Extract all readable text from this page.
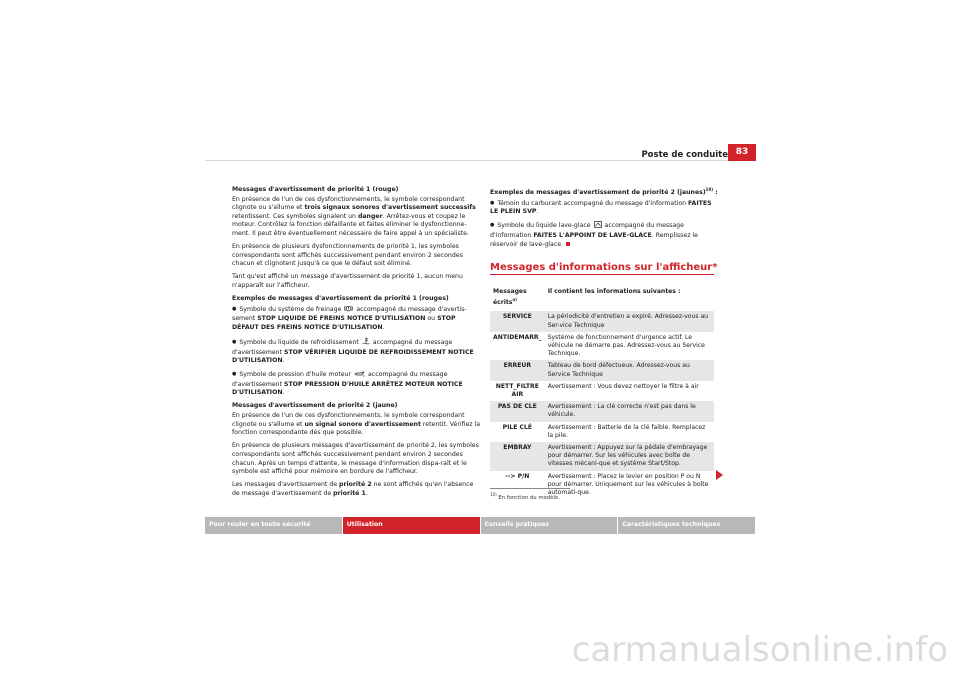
Poste de conduite 83

Messages d'avertissement de priorité 1 (rouge)

En présence de l'un de ces dysfonctionnements, le symbole correspondant clignote ou s'allume et trois signaux sonores d'avertissement successifs retentissent. Ces symboles signalent un danger. Arrêtez-vous et coupez le moteur. Contrôlez la fonction défaillante et faites éliminer le dysfonctionne-ment. Il peut être éventuellement nécessaire de faire appel à un spécialiste.

En présence de plusieurs dysfonctionnements de priorité 1, les symboles correspondants sont affichés successivement pendant environ 2 secondes chacun et clignotent jusqu'à ce que le défaut soit éliminé.

Tant qu'est affiché un message d'avertissement de priorité 1, aucun menu n'apparaît sur l'afficheur.

Exemples de messages d'avertissement de priorité 1 (rouges)

● Symbole du système de freinage  accompagné du message d'avertis-sement STOP LIQUIDE DE FREINS NOTICE D'UTILISATION ou STOP DÉFAUT DES FREINS NOTICE D'UTILISATION.

● Symbole du liquide de refroidissement  accompagné du message d'avertissement STOP VÉRIFIER LIQUIDE DE REFROIDISSEMENT NOTICE D'UTILISATION.

● Symbole de pression d'huile moteur  accompagné du message d'avertissement STOP PRESSION D'HUILE ARRÊTEZ MOTEUR NOTICE D'UTILISATION.

Messages d'avertissement de priorité 2 (jaune)

En présence de l'un de ces dysfonctionnements, le symbole correspondant clignote ou s'allume et un signal sonore d'avertissement retentit. Vérifiez la fonction correspondante dès que possible.

En présence de plusieurs messages d'avertissement de priorité 2, les symboles correspondants sont affichés successivement pendant environ 2 secondes chacun. Après un temps d'attente, le message d'information dispa-raît et le symbole est affiché pour mémoire en bordure de l'afficheur.

Les messages d'avertissement de priorité 2 ne sont affichés qu'en l'absence de message d'avertissement de priorité 1.

Exemples de messages d'avertissement de priorité 2 (jaunes)$^{10)}$ :

● Témoin du carburant accompagné du message d'information FAITES LE PLEIN SVP.

● Symbole du liquide lave-glace  accompagné du message d'information FAITES L'APPOINT DE LAVE-GLACE. Remplissez le réservoir de lave-glace.

Messages d'informations sur l'afficheur*
Messages écrits$^{a)}$	Il contient les informations suivantes :
SERVICE	La périodicité d'entretien a expiré. Adressez-vous au Ser-vice Technique
ANTIDEMARR_	Système de fonctionnement d'urgence actif. Le véhicule ne démarre pas. Adressez-vous au Service Technique.
ERREUR	Tableau de bord défectueux. Adressez-vous au Service Technique
NETT_FILTRE AIR	Avertissement : Vous devez nettoyer le filtre à air
PAS DE CLE	Avertissement : La clé correcte n'est pas dans le véhicule.
PILE CLÉ	Avertissement : Batterie de la clé faible. Remplacez la pile.
EMBRAY	Avertissement : Appuyez sur la pédale d'embrayage pour démarrer. Sur les véhicules avec boîte de vitesses mécani-que et système Start/Stop.
--> P/N	Avertissement : Placez le levier en position P ou N pour démarrer. Uniquement sur les véhicules à boîte automati-que.
$^{10)}$ En fonction du modèle.
Pour rouler en toute sécurité	Utilisation	Conseils pratiques	Caractéristiques techniques
carmanualsonline.info
